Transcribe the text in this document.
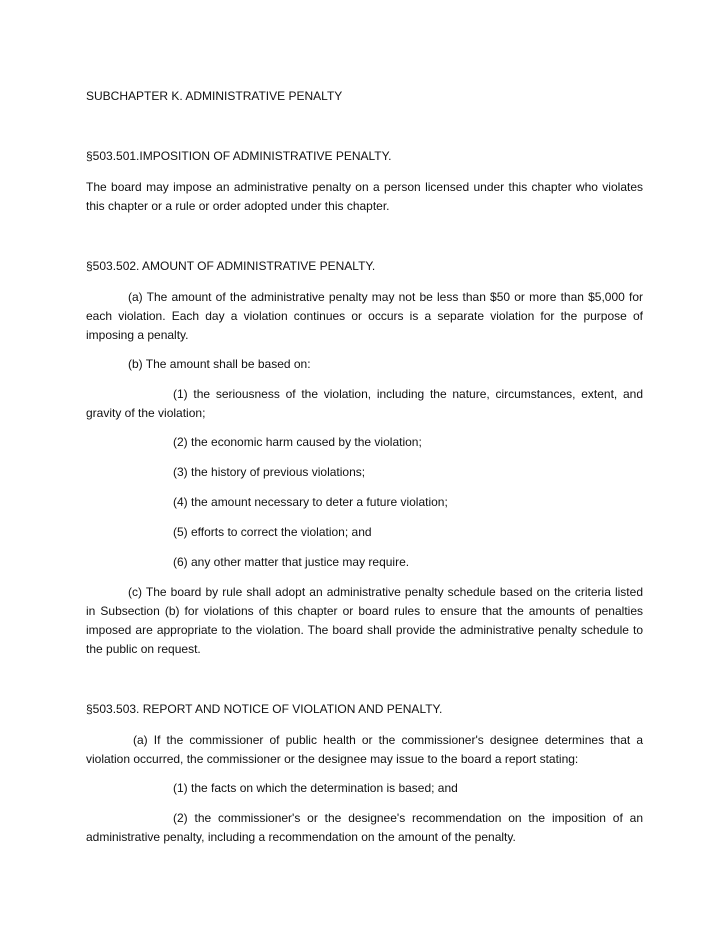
SUBCHAPTER K. ADMINISTRATIVE PENALTY
§503.501.IMPOSITION OF ADMINISTRATIVE PENALTY.
The board may impose an administrative penalty on a person licensed under this chapter who violates
this chapter or a rule or order adopted under this chapter.
§503.502. AMOUNT OF ADMINISTRATIVE PENALTY.
(a) The amount of the administrative penalty may not be less than $50 or more than $5,000 for
each violation. Each day a violation continues or occurs is a separate violation for the purpose of
imposing a penalty.
(b) The amount shall be based on:
(1) the seriousness of the violation, including the nature, circumstances, extent, and
gravity of the violation;
(2) the economic harm caused by the violation;
(3) the history of previous violations;
(4) the amount necessary to deter a future violation;
(5) efforts to correct the violation; and
(6) any other matter that justice may require.
(c) The board by rule shall adopt an administrative penalty schedule based on the criteria listed
in Subsection (b) for violations of this chapter or board rules to ensure that the amounts of penalties
imposed are appropriate to the violation. The board shall provide the administrative penalty schedule to
the public on request.
§503.503. REPORT AND NOTICE OF VIOLATION AND PENALTY.
(a) If the commissioner of public health or the commissioner's designee determines that a
violation occurred, the commissioner or the designee may issue to the board a report stating:
(1) the facts on which the determination is based; and
(2) the commissioner's or the designee's recommendation on the imposition of an
administrative penalty, including a recommendation on the amount of the penalty.
